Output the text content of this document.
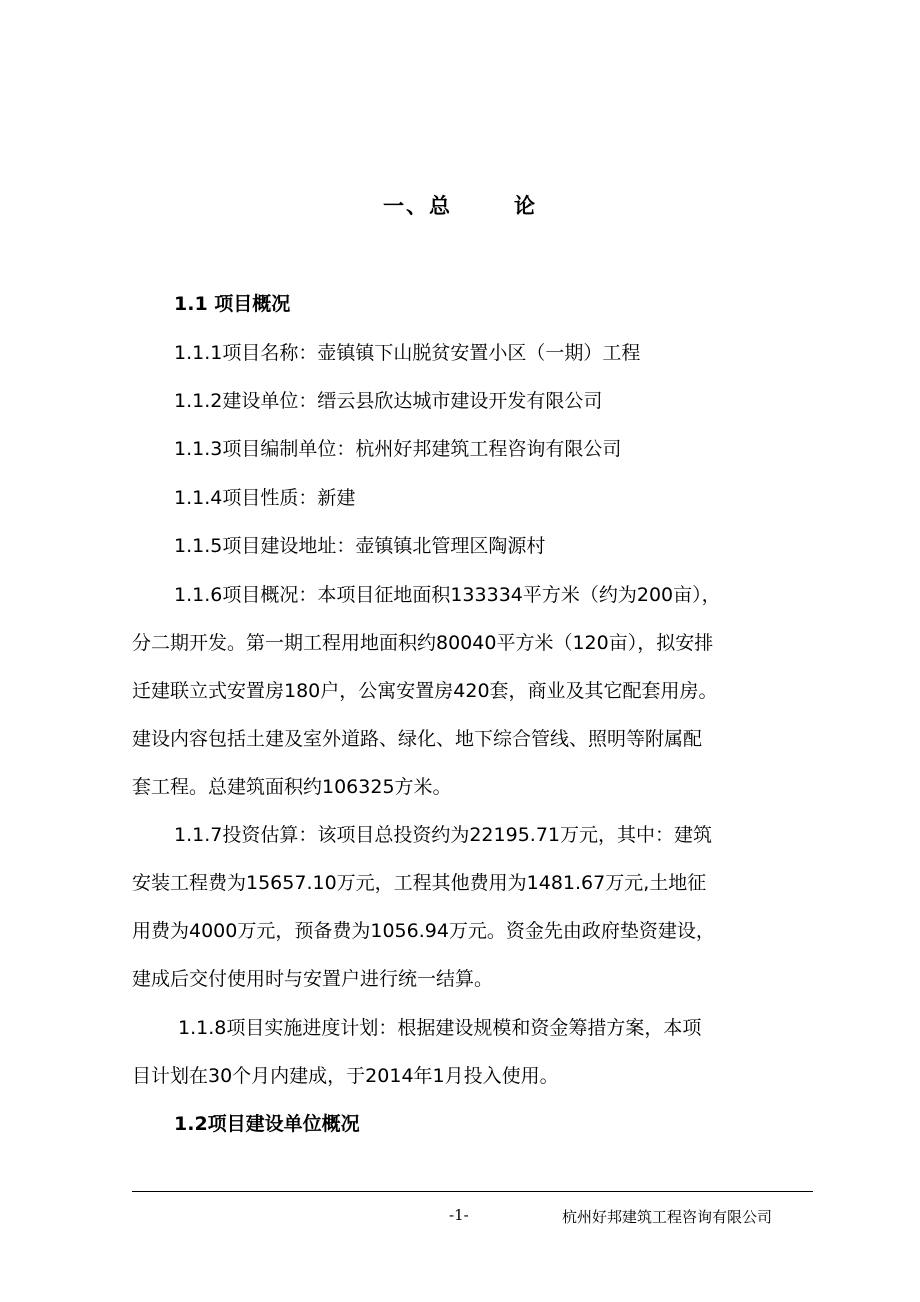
一、总	论
1.1 项目概况
1.1.1项目名称：壶镇镇下山脱贫安置小区（一期）工程
1.1.2建设单位：缙云县欣达城市建设开发有限公司
1.1.3项目编制单位：杭州好邦建筑工程咨询有限公司
1.1.4项目性质：新建
1.1.5项目建设地址：壶镇镇北管理区陶源村
1.1.6项目概况：本项目征地面积133334平方米（约为200亩），
分二期开发。第一期工程用地面积约80040平方米（120亩），拟安排
迁建联立式安置房180户，公寓安置房420套，商业及其它配套用房。
建设内容包括土建及室外道路、绿化、地下综合管线、照明等附属配
套工程。总建筑面积约106325方米。
1.1.7投资估算：该项目总投资约为22195.71万元，其中：建筑
安装工程费为15657.10万元，工程其他费用为1481.67万元,土地征
用费为4000万元，预备费为1056.94万元。资金先由政府垫资建设，
建成后交付使用时与安置户进行统一结算。
1.1.8项目实施进度计划：根据建设规模和资金筹措方案，本项
目计划在30个月内建成，于2014年1月投入使用。
1.2项目建设单位概况
-1-	杭州好邦建筑工程咨询有限公司
